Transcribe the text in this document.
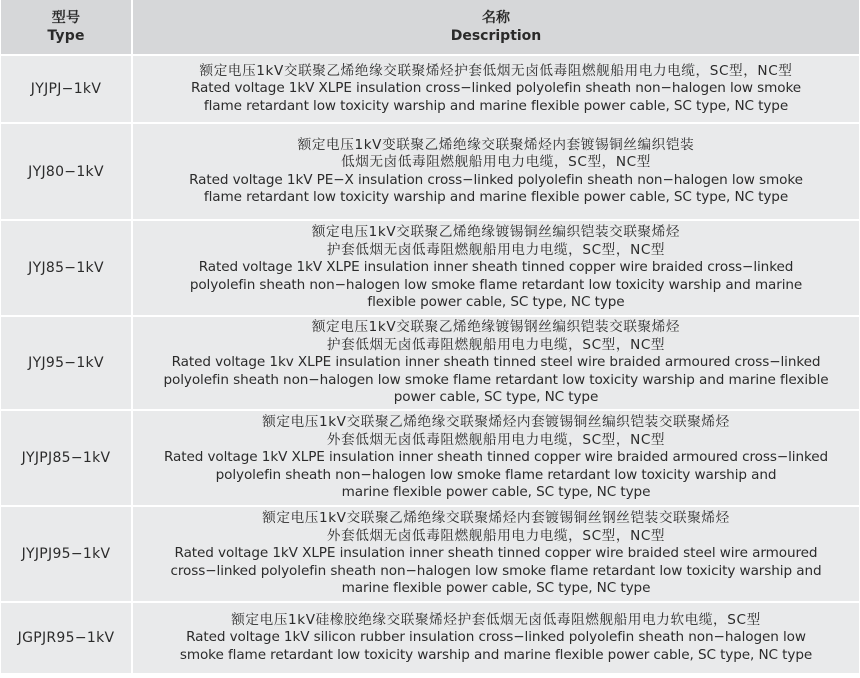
型号
Type
名称
Description
JYJPJ−1kV
额定电压1kV交联聚乙烯绝缘交联聚烯烃护套低烟无卤低毒阻燃舰船用电力电缆，SC型，NC型
Rated voltage 1kV XLPE insulation cross−linked polyolefin sheath non−halogen low smoke
flame retardant low toxicity warship and marine flexible power cable, SC type, NC type
JYJ80−1kV
额定电压1kV变联聚乙烯绝缘交联聚烯烃内套镀锡铜丝编织铠装
低烟无卤低毒阻燃舰船用电力电缆，SC型，NC型
Rated voltage 1kV PE−X insulation cross−linked polyolefin sheath non−halogen low smoke
flame retardant low toxicity warship and marine flexible power cable, SC type, NC type
JYJ85−1kV
额定电压1kV交联聚乙烯绝缘镀锡铜丝编织铠装交联聚烯烃
护套低烟无卤低毒阻燃舰船用电力电缆，SC型，NC型
Rated voltage 1kV XLPE insulation inner sheath tinned copper wire braided cross−linked
polyolefin sheath non−halogen low smoke flame retardant low toxicity warship and marine
flexible power cable, SC type, NC type
JYJ95−1kV
额定电压1kV交联聚乙烯绝缘镀锡钢丝编织铠装交联聚烯烃
护套低烟无卤低毒阻燃舰船用电力电缆，SC型，NC型
Rated voltage 1kv XLPE insulation inner sheath tinned steel wire braided armoured cross−linked
polyolefin sheath non−halogen low smoke flame retardant low toxicity warship and marine flexible
power cable, SC type, NC type
JYJPJ85−1kV
额定电压1kV交联聚乙烯绝缘交联聚烯烃内套镀锡铜丝编织铠装交联聚烯烃
外套低烟无卤低毒阻燃舰船用电力电缆，SC型，NC型
Rated voltage 1kV XLPE insulation inner sheath tinned copper wire braided armoured cross−linked
polyolefin sheath non−halogen low smoke flame retardant low toxicity warship and
marine flexible power cable, SC type, NC type
JYJPJ95−1kV
额定电压1kV交联聚乙烯绝缘交联聚烯烃内套镀锡铜丝钢丝铠装交联聚烯烃
外套低烟无卤低毒阻燃舰船用电力电缆，SC型，NC型
Rated voltage 1kV XLPE insulation inner sheath tinned copper wire braided steel wire armoured
cross−linked polyolefin sheath non−halogen low smoke flame retardant low toxicity warship and
marine flexible power cable, SC type, NC type
JGPJR95−1kV
额定电压1kV硅橡胶绝缘交联聚烯烃护套低烟无卤低毒阻燃舰船用电力软电缆，SC型
Rated voltage 1kV silicon rubber insulation cross−linked polyolefin sheath non−halogen low
smoke flame retardant low toxicity warship and marine flexible power cable, SC type, NC type
